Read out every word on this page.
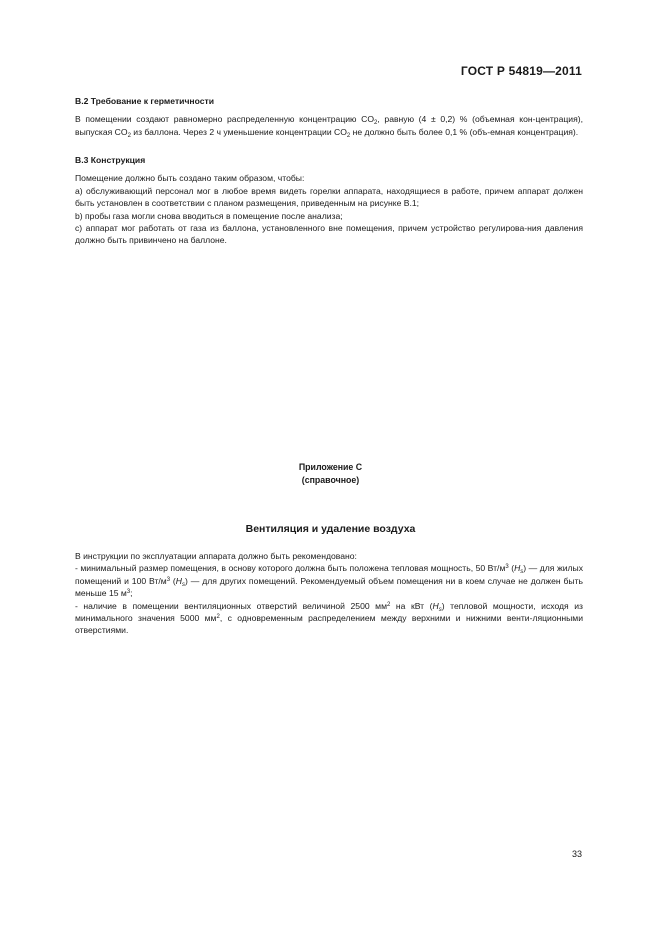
ГОСТ Р 54819—2011

В.2 Требование к герметичности

В помещении создают равномерно распределенную концентрацию $CO_2$, равную (4 ± 0,2) % (объемная кон-центрация), выпуская $CO_2$ из баллона. Через 2 ч уменьшение концентрации $CO_2$ не должно быть более 0,1 % (объ-емная концентрация).

В.3 Конструкция

Помещение должно быть создано таким образом, чтобы:

а) обслуживающий персонал мог в любое время видеть горелки аппарата, находящиеся в работе, причем аппарат должен быть установлен в соответствии с планом размещения, приведенным на рисунке В.1;

b) пробы газа могли снова вводиться в помещение после анализа;

с) аппарат мог работать от газа из баллона, установленного вне помещения, причем устройство регулирова-ния давления должно быть привинчено на баллоне.

Приложение С
(справочное)
Вентиляция и удаление воздуха

В инструкции по эксплуатации аппарата должно быть рекомендовано:

- минимальный размер помещения, в основу которого должна быть положена тепловая мощность, 50 $Вт/м^3$ $(H_s)$ — для жилых помещений и 100 $Вт/м^3$ $(H_s)$ — для других помещений. Рекомендуемый объем помещения ни в коем случае не должен быть меньше 15 $м^3$;

- наличие в помещении вентиляционных отверстий величиной 2500 $мм^2$ на кВт $(H_s)$ тепловой мощности, исходя из минимального значения 5000 $мм^2$, с одновременным распределением между верхними и нижними венти-ляционными отверстиями.

33
